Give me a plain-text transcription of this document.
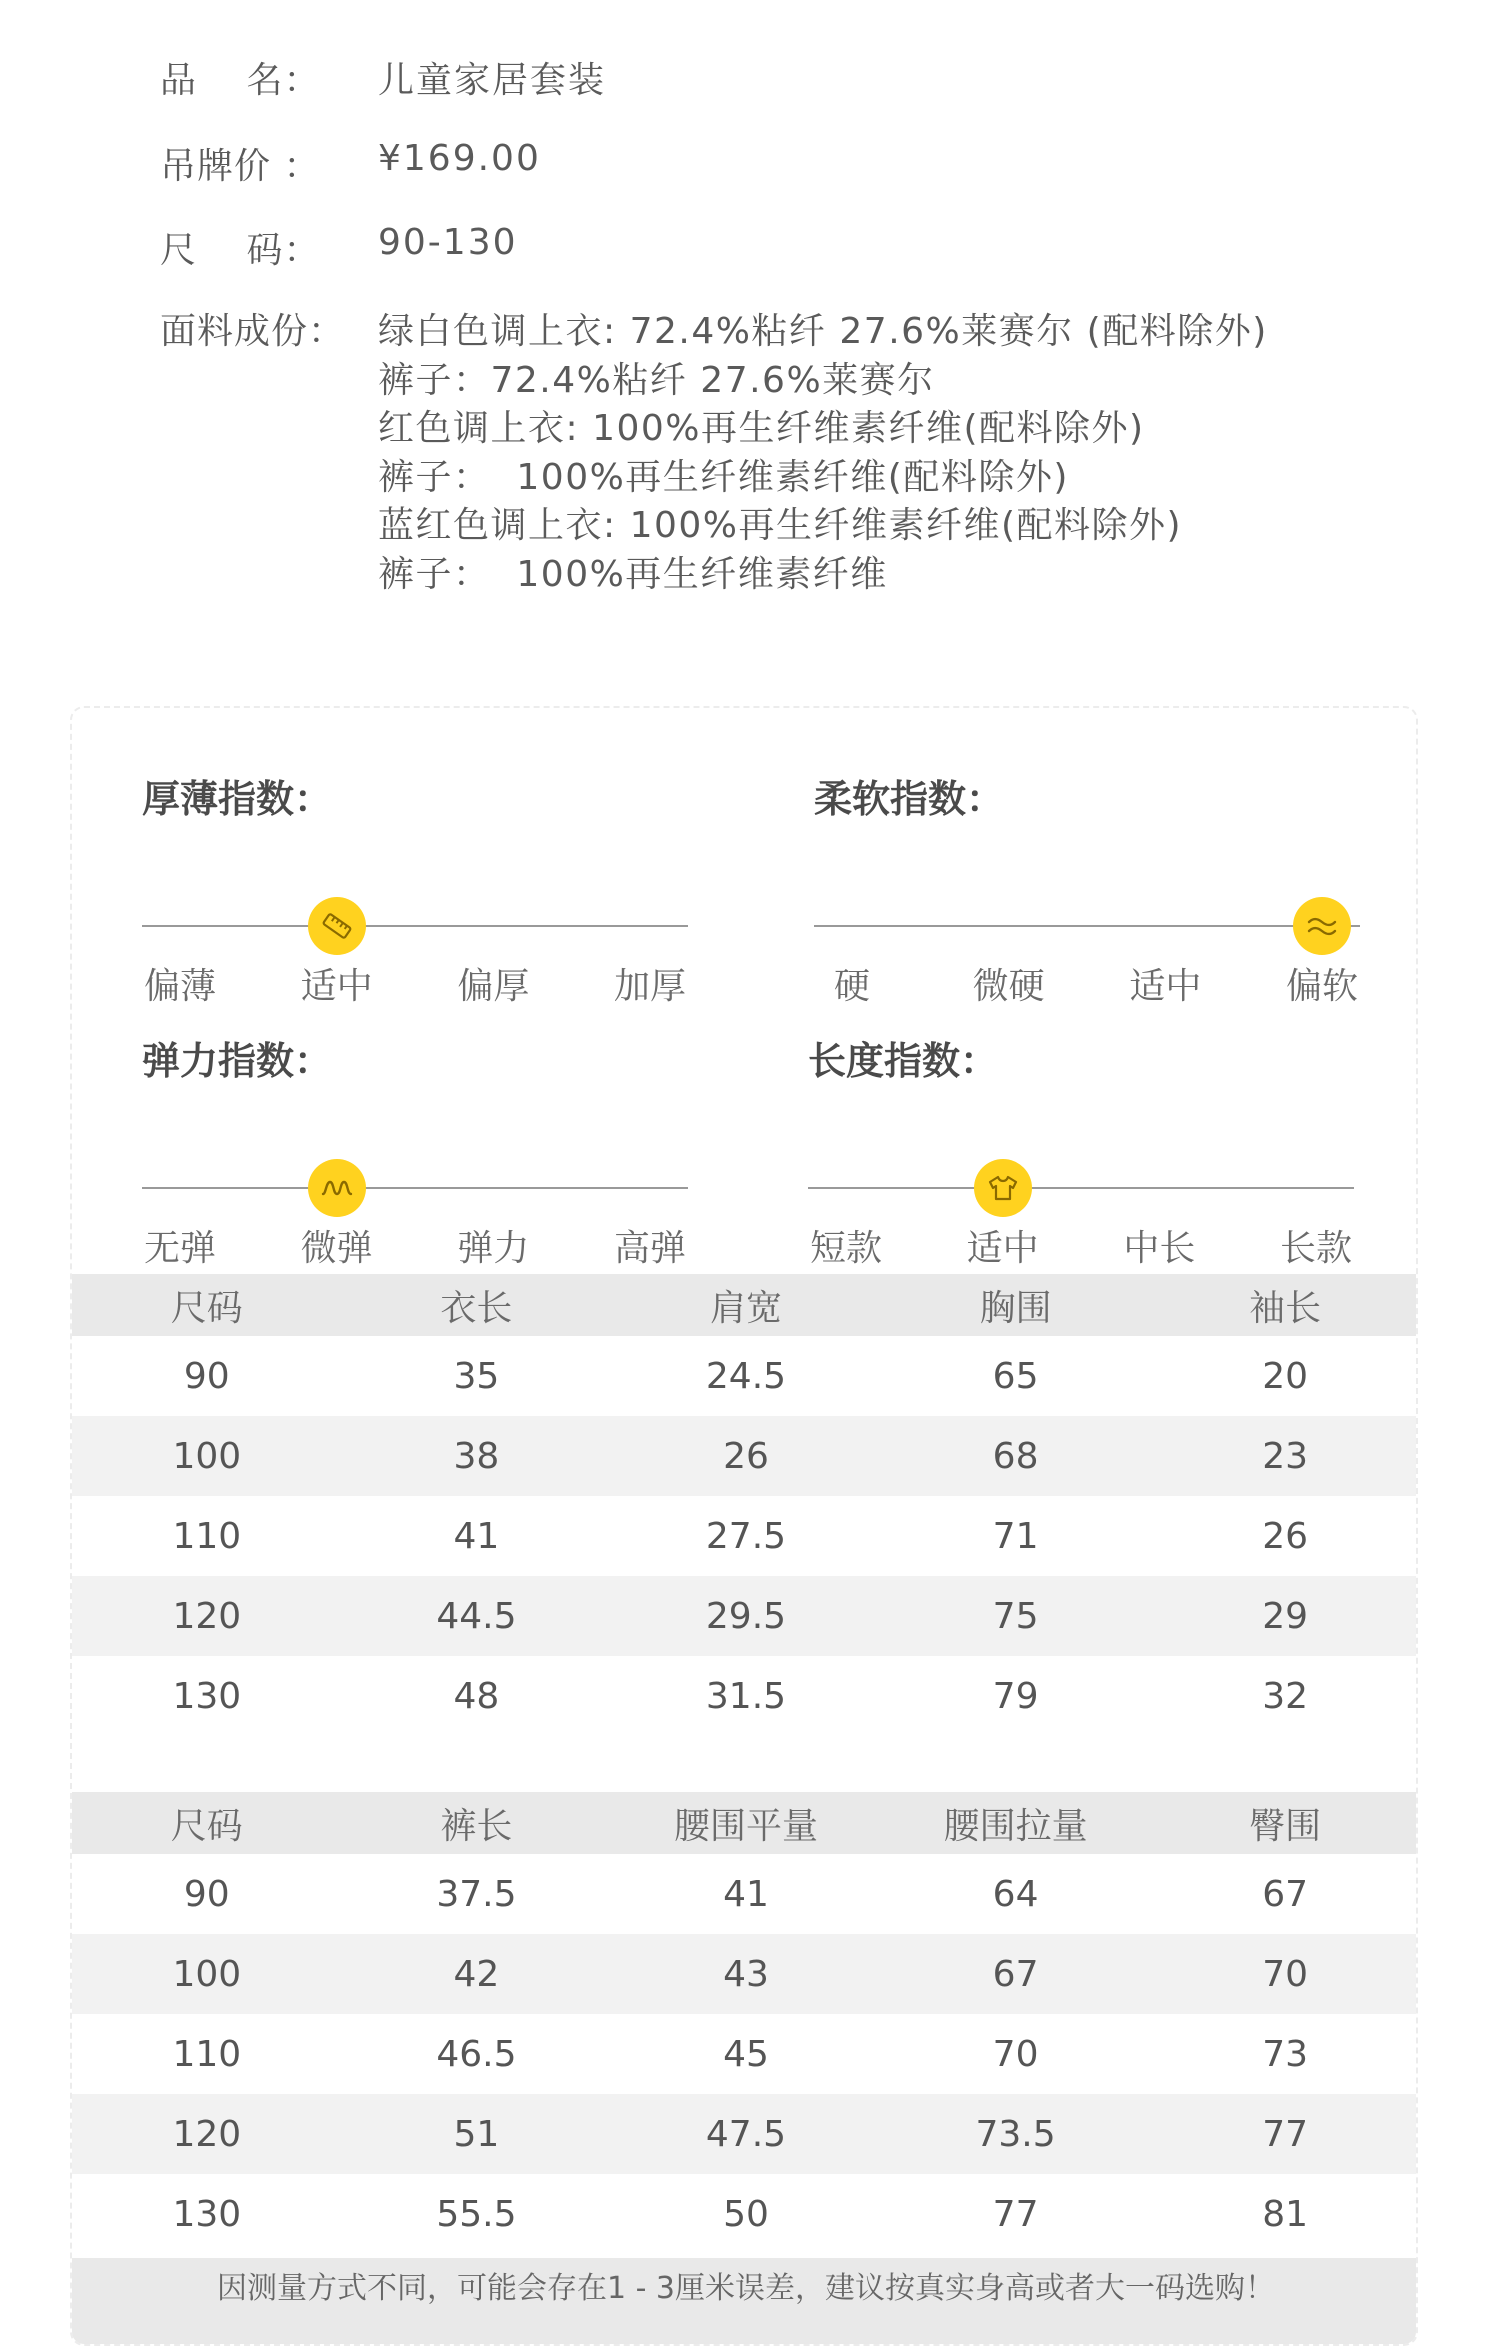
品　 名：	儿童家居套装
吊牌价 ：	¥169.00
尺　 码：	90-130
面料成份： 绿白色调上衣: 72.4%粘纤 27.6%莱赛尔 (配料除外)
裤子：72.4%粘纤 27.6%莱赛尔
红色调上衣: 100%再生纤维素纤维(配料除外)
裤子：  100%再生纤维素纤维(配料除外)
蓝红色调上衣: 100%再生纤维素纤维(配料除外)
裤子：  100%再生纤维素纤维
厚薄指数：
偏薄 适中 偏厚 加厚
柔软指数：
硬	微硬 适中 偏软
弹力指数：
无弹 微弹 弹力 高弹
长度指数：
短款 适中 中长 长款
尺码	衣长	肩宽	胸围	袖长
90	35	24.5	65	20
100	38	26	68	23
110	41	27.5	71	26
120	44.5	29.5	75	29
130	48	31.5	79	32
尺码	裤长	腰围平量	腰围拉量	臀围
90	37.5	41	64	67
100	42	43	67	70
110	46.5	45	70	73
120	51	47.5	73.5	77
130	55.5	50	77	81
因测量方式不同，可能会存在1 - 3厘米误差，建议按真实身高或者大一码选购！
